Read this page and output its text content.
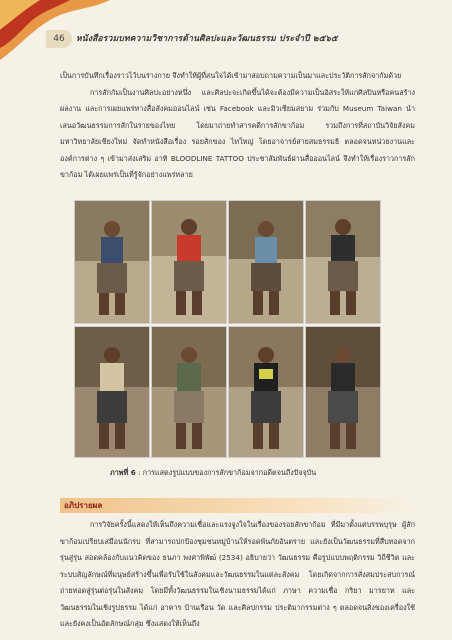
46	หนังสือรวมบทความวิชาการด้านศิลปะและวัฒนธรรม ประจำปี ๒๕๖๕

เป็นการบันทึกเรื่องราวไว้บนร่างกาย จึงทำให้ผู้ที่สนใจได้เข้ามาสอบถามความเป็นมาและประวัติการสักจากัมด้วย

การสักกัมเป็นงานศิลปะอย่างหนึ่ง และศิลปะจะเกิดขึ้นได้จะต้องมีความเป็นอิสระให้แก่ศิลปินหรือคนสร้างผลงาน และการเผยแพร่ทางสื่อสังคมออนไลน์ เช่น Facebook และมิวเซียมสยาม ร่วมกับ Museum Taiwan นำเสนอวัฒนธรรมการสักในรายของไทย โดยมาถ่ายทำสารคดีการสักขาก้อม รวมถึงการที่สถาบันวิจัยสังคม มหาวิทยาลัยเชียงใหม่ จัดทำหนังสือเรื่อง รอยสักของ ไทใหญ่ โดยอาจารย์สายสมธรรมธิ ตลอดจนหน่วยงานและองค์การต่าง ๆ เข้ามาส่งเสริม อาทิ BLOODLINE TATTOO ประชาสัมพันธ์ผ่านสื่อออนไลน์ จึงทำให้เรื่องราวการสักขาก้อม ได้เผยแพร่เป็นที่รู้จักอย่างแพร่หลาย

ภาพที่ 6 : การแสดงรูปแบบของการสักขาก้อมจากอดีตจนถึงปัจจุบัน
อภิปรายผล

การวิจัยครั้งนี้แสดงให้เห็นถึงความเชื่อและแรงจูงใจในเรื่องของรอยสักขาก้อม ที่มีมาตั้งแต่บรรพบุรุษ ผู้สักขาก้อมเปรียบเสมือนนักรบ ที่สามารถปกป้องชุมชนหมู่บ้านให้รอดพ้นภัยอันตราย และยังเป็นวัฒนธรรมที่สืบทอดจากรุ่นสู่รุ่น สอดคล้องกับแนวคิดของ ธนภา พงศาพิพัฒ์ (2534) อธิบายว่า วัฒนธรรม คือรูปแบบพฤติกรรม วิถีชีวิต และระบบสัญลักษณ์ที่มนุษย์สร้างขึ้นเพื่อรับใช้ในสังคมและวัฒนธรรมในแต่ละสังคม โดยเกิดจากการสั่งสมประสบการณ์ ถ่ายทอดสู่รุ่นต่อรุ่นในสังคม โดยมีทั้งวัฒนธรรมในเชิงนามธรรมได้แก่ ภาษา ความเชื่อ กริยา มารยาท และวัฒนธรรมในเชิงรูปธรรม ได้แก่ อาคาร บ้านเรือน วัด และศิลปกรรม ประติมากรรมต่าง ๆ ตลอดจนสิ่งของเครื่องใช้ และยังคงเป็นอัตลักษณ์กลุ่ม ซึ่งแสดงให้เห็นถึง
